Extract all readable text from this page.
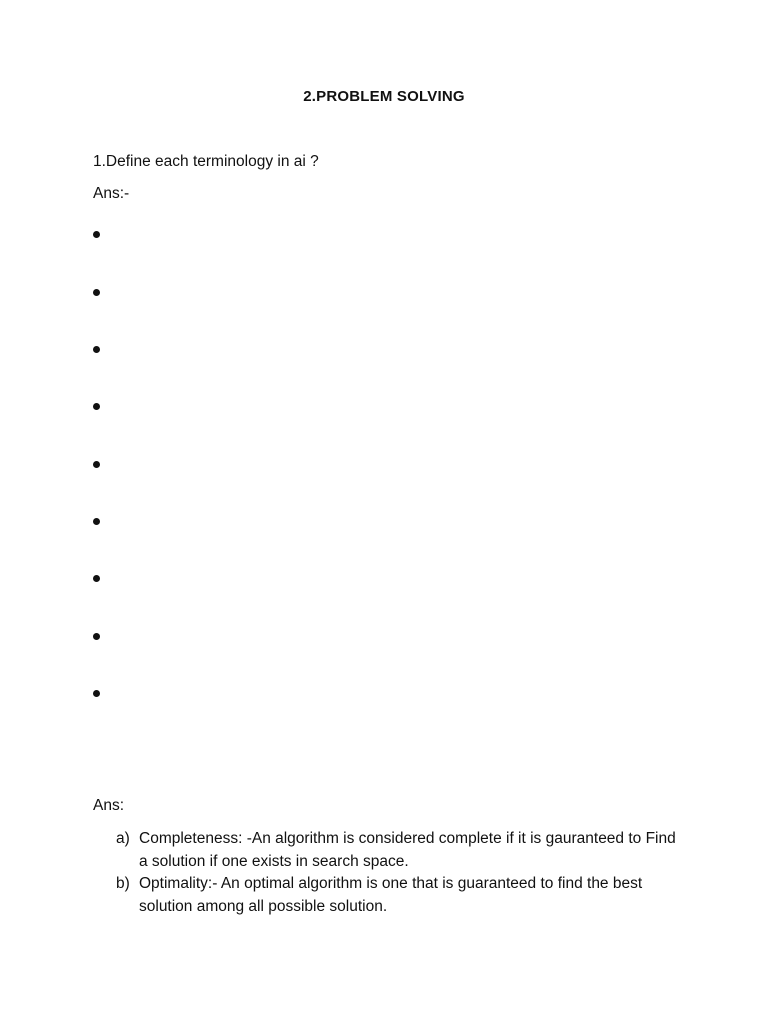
2.PROBLEM SOLVING
1.Define each terminology in ai ?
Ans:-
Ans:
a) Completeness: -An algorithm is considered complete if it is gauranteed to Find a solution if one exists in search space.
b) Optimality:- An optimal algorithm is one that is guaranteed to find the best solution among all possible solution.
